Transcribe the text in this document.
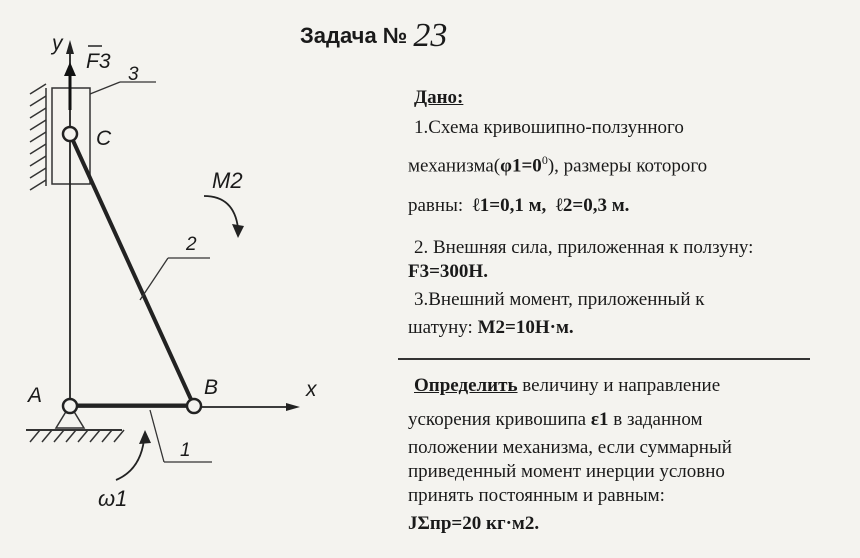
Задача № 23
y
F3
3
C
M2
2
A	B	x
1
ω1
Дано:
1.Схема кривошипно-ползунного
$механизма(\varphi 1=0^0)$, размеры которого
равны: ℓ1=0,1 м, ℓ2=0,3 м.
2. Внешняя сила, приложенная к ползуну:
F3=300Н.
3.Внешний момент, приложенный к
шатуну: M2=10Н·м.
Определить величину и направление
ускорения кривошипа ε1 в заданном
положении механизма, если суммарный
приведенный момент инерции условно
принять постоянным и равным:
JΣпр=20 кг·м2.
